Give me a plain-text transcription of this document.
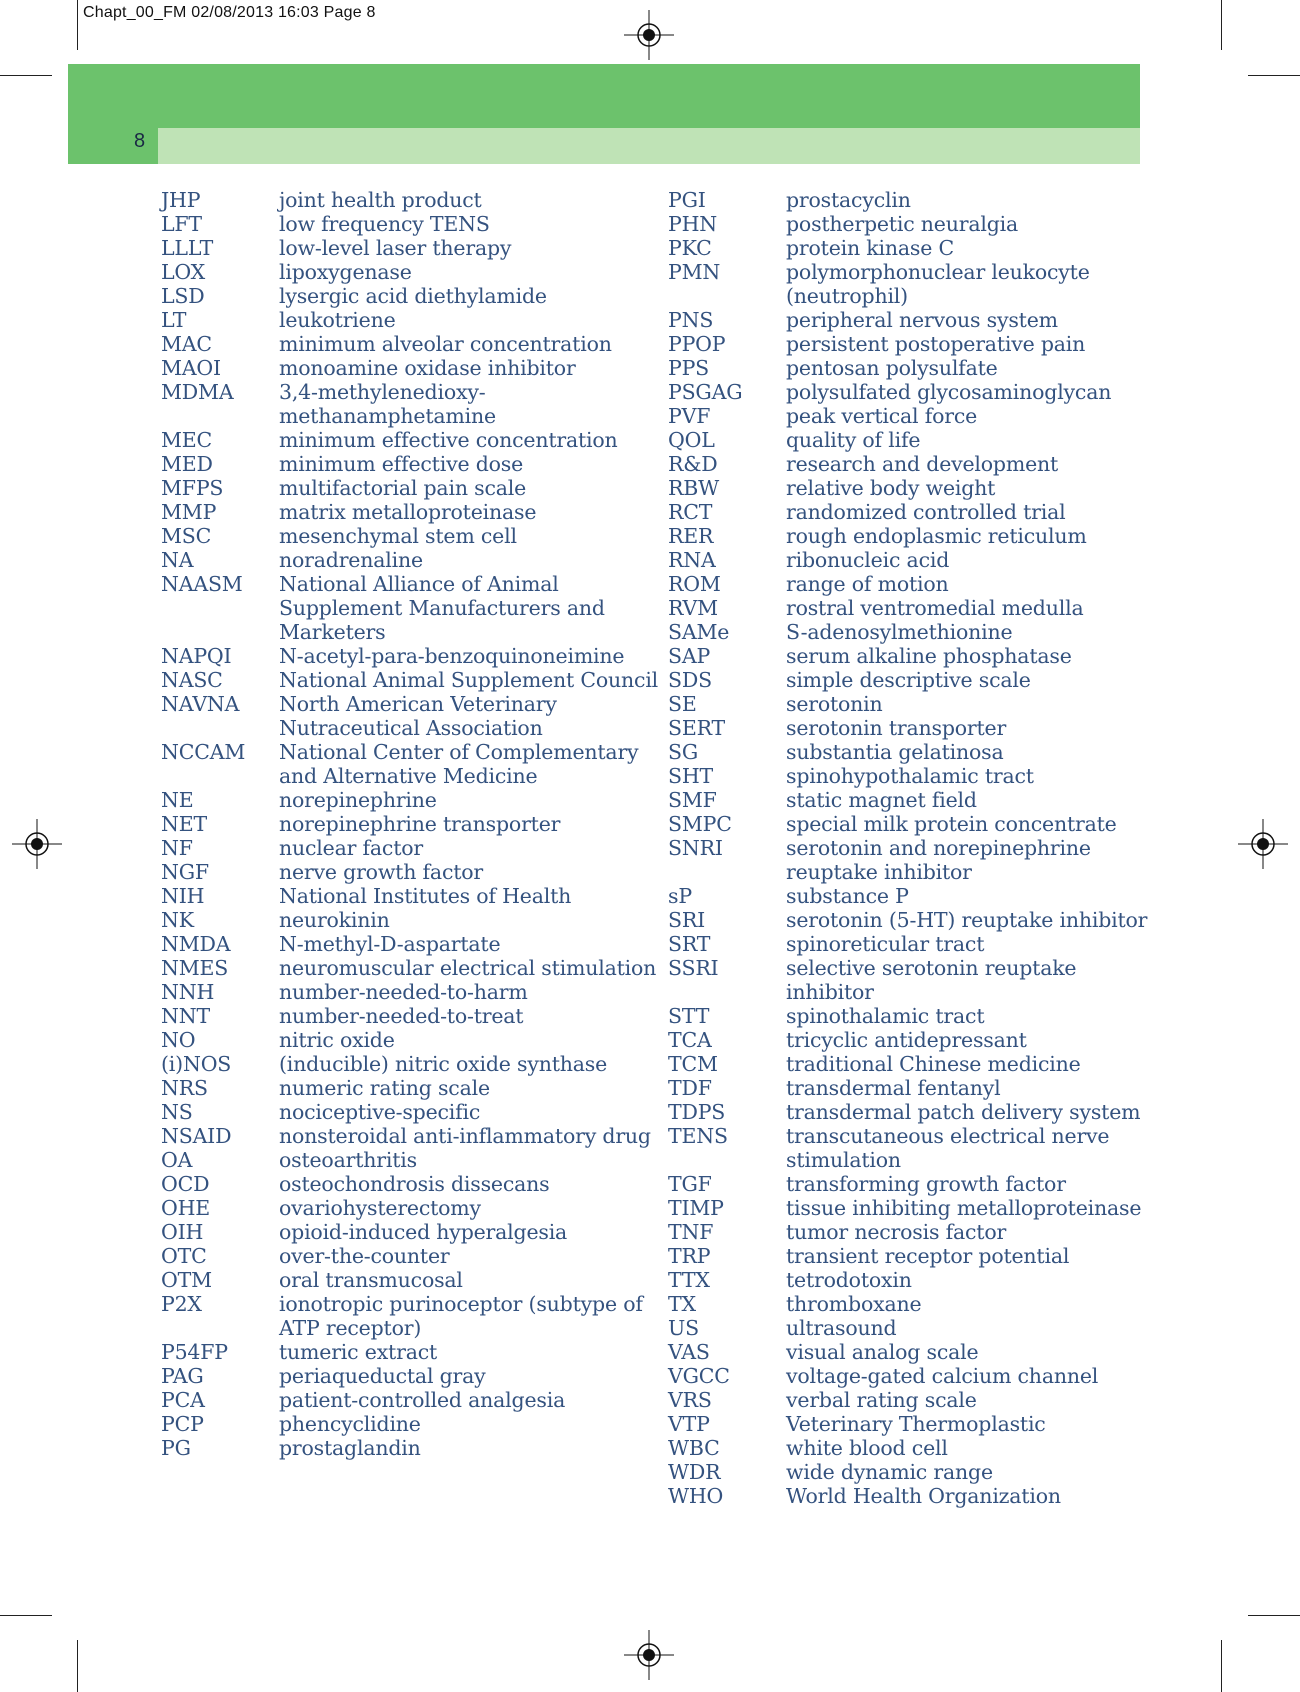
Chapt_00_FM 02/08/2013 16:03 Page 8
8
JHP	joint health product
LFT	low frequency TENS
LLLT	low-level laser therapy
LOX	lipoxygenase
LSD	lysergic acid diethylamide
LT	leukotriene
MAC	minimum alveolar concentration
MAOI	monoamine oxidase inhibitor
MDMA	3,4-methylenedioxy-methanamphetamine
MEC	minimum effective concentration
MED	minimum effective dose
MFPS	multifactorial pain scale
MMP	matrix metalloproteinase
MSC	mesenchymal stem cell
NA	noradrenaline
NAASM	National Alliance of Animal Supplement Manufacturers and Marketers
NAPQI	N-acetyl-para-benzoquinoneimine
NASC	National Animal Supplement Council
NAVNA	North American Veterinary Nutraceutical Association
NCCAM	National Center of Complementary and Alternative Medicine
NE	norepinephrine
NET	norepinephrine transporter
NF	nuclear factor
NGF	nerve growth factor
NIH	National Institutes of Health
NK	neurokinin
NMDA	N-methyl-D-aspartate
NMES	neuromuscular electrical stimulation
NNH	number-needed-to-harm
NNT	number-needed-to-treat
NO	nitric oxide
(i)NOS	(inducible) nitric oxide synthase
NRS	numeric rating scale
NS	nociceptive-specific
NSAID	nonsteroidal anti-inflammatory drug
OA	osteoarthritis
OCD	osteochondrosis dissecans
OHE	ovariohysterectomy
OIH	opioid-induced hyperalgesia
OTC	over-the-counter
OTM	oral transmucosal
P2X	ionotropic purinoceptor (subtype of ATP receptor)
P54FP	tumeric extract
PAG	periaqueductal gray
PCA	patient-controlled analgesia
PCP	phencyclidine
PG	prostaglandin
PGI	prostacyclin
PHN	postherpetic neuralgia
PKC	protein kinase C
PMN	polymorphonuclear leukocyte (neutrophil)
PNS	peripheral nervous system
PPOP	persistent postoperative pain
PPS	pentosan polysulfate
PSGAG	polysulfated glycosaminoglycan
PVF	peak vertical force
QOL	quality of life
R&D	research and development
RBW	relative body weight
RCT	randomized controlled trial
RER	rough endoplasmic reticulum
RNA	ribonucleic acid
ROM	range of motion
RVM	rostral ventromedial medulla
SAMe	S-adenosylmethionine
SAP	serum alkaline phosphatase
SDS	simple descriptive scale
SE	serotonin
SERT	serotonin transporter
SG	substantia gelatinosa
SHT	spinohypothalamic tract
SMF	static magnet field
SMPC	special milk protein concentrate
SNRI	serotonin and norepinephrine reuptake inhibitor
sP	substance P
SRI	serotonin (5-HT) reuptake inhibitor
SRT	spinoreticular tract
SSRI	selective serotonin reuptake inhibitor
STT	spinothalamic tract
TCA	tricyclic antidepressant
TCM	traditional Chinese medicine
TDF	transdermal fentanyl
TDPS	transdermal patch delivery system
TENS	transcutaneous electrical nerve stimulation
TGF	transforming growth factor
TIMP	tissue inhibiting metalloproteinase
TNF	tumor necrosis factor
TRP	transient receptor potential
TTX	tetrodotoxin
TX	thromboxane
US	ultrasound
VAS	visual analog scale
VGCC	voltage-gated calcium channel
VRS	verbal rating scale
VTP	Veterinary Thermoplastic
WBC	white blood cell
WDR	wide dynamic range
WHO	World Health Organization
